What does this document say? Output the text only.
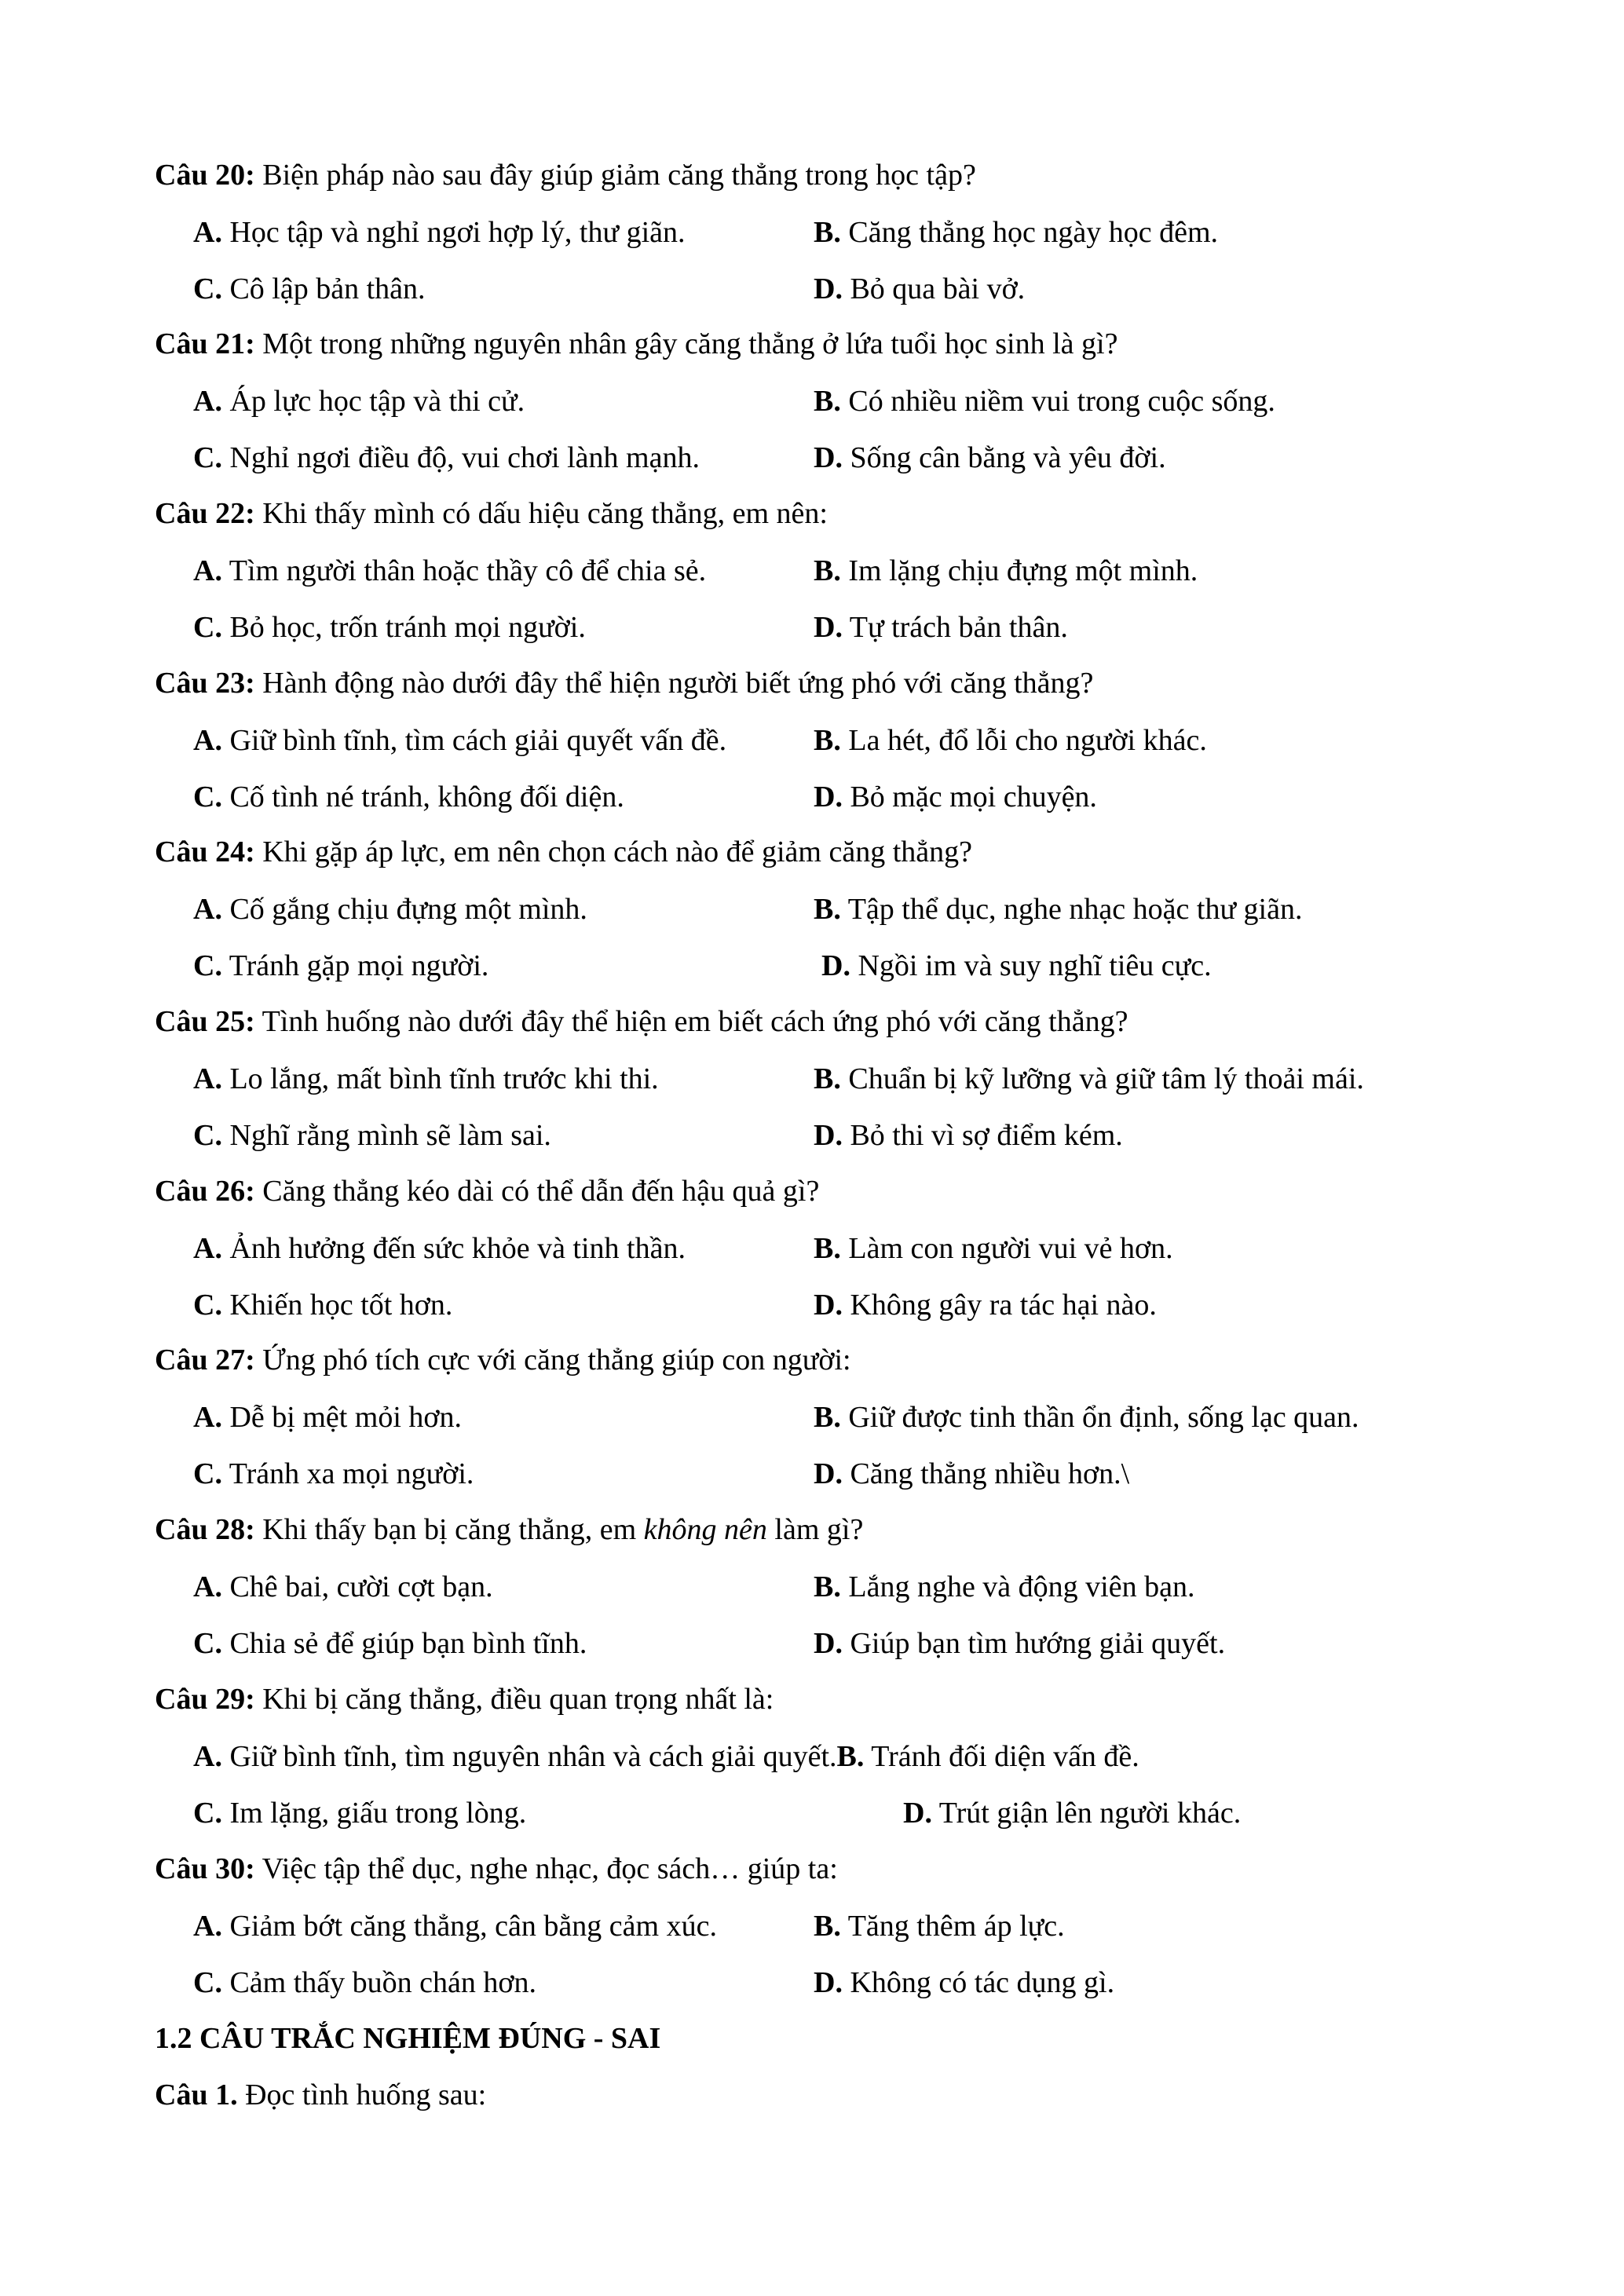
Câu 20: Biện pháp nào sau đây giúp giảm căng thẳng trong học tập?
A. Học tập và nghỉ ngơi hợp lý, thư giãn.	B. Căng thẳng học ngày học đêm.
C. Cô lập bản thân.	D. Bỏ qua bài vở.
Câu 21: Một trong những nguyên nhân gây căng thẳng ở lứa tuổi học sinh là gì?
A. Áp lực học tập và thi cử.	B. Có nhiều niềm vui trong cuộc sống.
C. Nghỉ ngơi điều độ, vui chơi lành mạnh.	D. Sống cân bằng và yêu đời.
Câu 22: Khi thấy mình có dấu hiệu căng thẳng, em nên:
A. Tìm người thân hoặc thầy cô để chia sẻ.	B. Im lặng chịu đựng một mình.
C. Bỏ học, trốn tránh mọi người.	D. Tự trách bản thân.
Câu 23: Hành động nào dưới đây thể hiện người biết ứng phó với căng thẳng?
A. Giữ bình tĩnh, tìm cách giải quyết vấn đề.	B. La hét, đổ lỗi cho người khác.
C. Cố tình né tránh, không đối diện.	D. Bỏ mặc mọi chuyện.
Câu 24: Khi gặp áp lực, em nên chọn cách nào để giảm căng thẳng?
A. Cố gắng chịu đựng một mình.	B. Tập thể dục, nghe nhạc hoặc thư giãn.
C. Tránh gặp mọi người.	D. Ngồi im và suy nghĩ tiêu cực.
Câu 25: Tình huống nào dưới đây thể hiện em biết cách ứng phó với căng thẳng?
A. Lo lắng, mất bình tĩnh trước khi thi.	B. Chuẩn bị kỹ lưỡng và giữ tâm lý thoải mái.
C. Nghĩ rằng mình sẽ làm sai.	D. Bỏ thi vì sợ điểm kém.
Câu 26: Căng thẳng kéo dài có thể dẫn đến hậu quả gì?
A. Ảnh hưởng đến sức khỏe và tinh thần.	B. Làm con người vui vẻ hơn.
C. Khiến học tốt hơn.	D. Không gây ra tác hại nào.
Câu 27: Ứng phó tích cực với căng thẳng giúp con người:
A. Dễ bị mệt mỏi hơn.	B. Giữ được tinh thần ổn định, sống lạc quan.
C. Tránh xa mọi người.	D. Căng thẳng nhiều hơn.\
Câu 28: Khi thấy bạn bị căng thẳng, em không nên làm gì?
A. Chê bai, cười cợt bạn.	B. Lắng nghe và động viên bạn.
C. Chia sẻ để giúp bạn bình tĩnh.	D. Giúp bạn tìm hướng giải quyết.
Câu 29: Khi bị căng thẳng, điều quan trọng nhất là:
A. Giữ bình tĩnh, tìm nguyên nhân và cách giải quyết.B. Tránh đối diện vấn đề.
C. Im lặng, giấu trong lòng.	D. Trút giận lên người khác.
Câu 30: Việc tập thể dục, nghe nhạc, đọc sách… giúp ta:
A. Giảm bớt căng thẳng, cân bằng cảm xúc.	B. Tăng thêm áp lực.
C. Cảm thấy buồn chán hơn.	D. Không có tác dụng gì.
1.2 CÂU TRẮC NGHIỆM ĐÚNG - SAI
Câu 1. Đọc tình huống sau:
